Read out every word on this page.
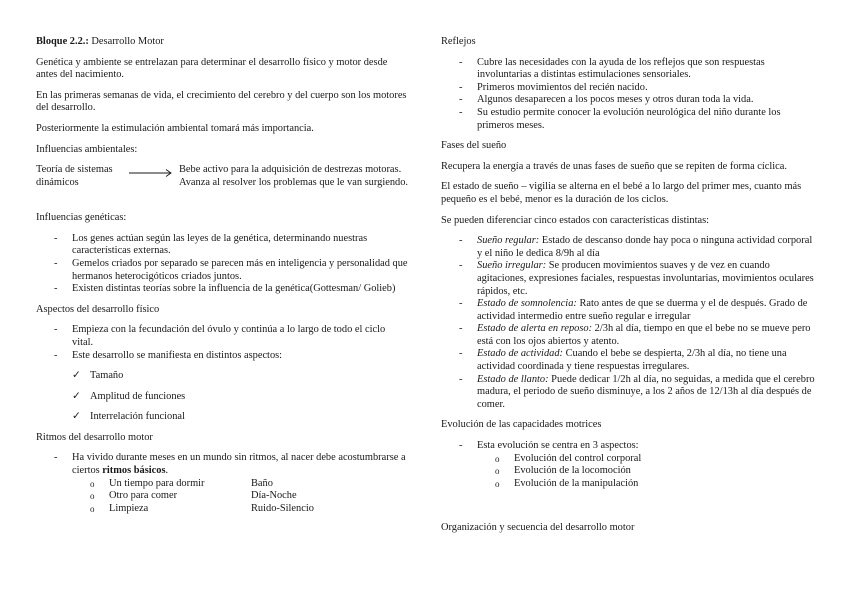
Bloque 2.2.: Desarrollo Motor

Genética y ambiente se entrelazan para determinar el desarrollo físico y motor desde antes del nacimiento.

En las primeras semanas de vida, el crecimiento del cerebro y del cuerpo son los motores del desarrollo.

Posteriormente la estimulación ambiental tomará más importancia.

Influencias ambientales:

Teoría de sistemas dinámicos
Bebe activo para la adquisición de destrezas motoras. Avanza al resolver los problemas que le van surgiendo.

Influencias genéticas:

- Los genes actúan según las leyes de la genética, determinando nuestras características externas.
- Gemelos criados por separado se parecen más en inteligencia y personalidad que hermanos heterocigóticos criados juntos.
- Existen distintas teorías sobre la influencia de la genética(Gottesman/ Golieb)

Aspectos del desarrollo físico

- Empieza con la fecundación del óvulo y continúa a lo largo de todo el ciclo vital.
- Este desarrollo se manifiesta en distintos aspectos:
✓ Tamaño
✓ Amplitud de funciones
✓ Interrelación funcional

Ritmos del desarrollo motor

- Ha vivido durante meses en un mundo sin ritmos, al nacer debe acostumbrarse a ciertos ritmos básicos.
o Un tiempo para dormir	Baño
o Otro para comer	Día-Noche
o Limpieza	Ruido-Silencio

Reflejos

- Cubre las necesidades con la ayuda de los reflejos que son respuestas involuntarias a distintas estimulaciones sensoriales.
- Primeros movimientos del recién nacido.
- Algunos desaparecen a los pocos meses y otros duran toda la vida.
- Su estudio permite conocer la evolución neurológica del niño durante los primeros meses.

Fases del sueño

Recupera la energía a través de unas fases de sueño que se repiten de forma cíclica.

El estado de sueño – vigilia se alterna en el bebé a lo largo del primer mes, cuanto más pequeño es el bebé, menor es la duración de los ciclos.

Se pueden diferenciar cinco estados con características distintas:

- Sueño regular: Estado de descanso donde hay poca o ninguna actividad corporal y el niño le dedica 8/9h al día
- Sueño irregular: Se producen movimientos suaves y de vez en cuando agitaciones, expresiones faciales, respuestas involuntarias, movimientos oculares rápidos, etc.
- Estado de somnolencia: Rato antes de que se duerma y el de después. Grado de actividad intermedio entre sueño regular e irregular
- Estado de alerta en reposo: 2/3h al día, tiempo en que el bebe no se mueve pero está con los ojos abiertos y atento.
- Estado de actividad: Cuando el bebe se despierta, 2/3h al día, no tiene una actividad coordinada y tiene respuestas irregulares.
- Estado de llanto: Puede dedicar 1/2h al día, no seguidas, a medida que el cerebro madura, el periodo de sueño disminuye, a los 2 años de 12/13h al día después de comer.

Evolución de las capacidades motrices

- Esta evolución se centra en 3 aspectos:
o Evolución del control corporal
o Evolución de la locomoción
o Evolución de la manipulación

Organización y secuencia del desarrollo motor
